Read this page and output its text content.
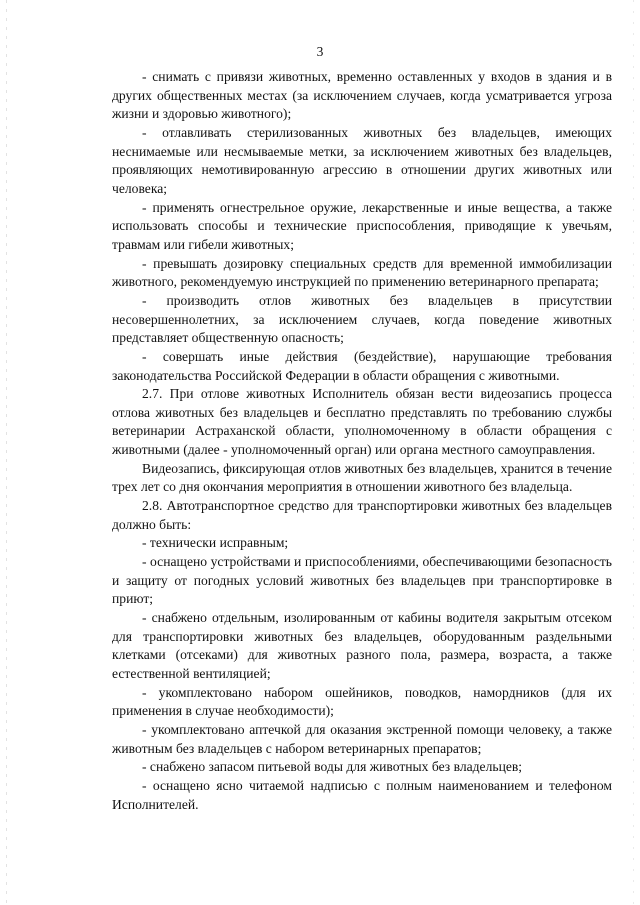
3

- снимать с привязи животных, временно оставленных у входов в здания и в других общественных местах (за исключением случаев, когда усматривается угроза жизни и здоровью животного);

- отлавливать стерилизованных животных без владельцев, имеющих неснимаемые или несмываемые метки, за исключением животных без владельцев, проявляющих немотивированную агрессию в отношении других животных или человека;

- применять огнестрельное оружие, лекарственные и иные вещества, а также использовать способы и технические приспособления, приводящие к увечьям, травмам или гибели животных;

- превышать дозировку специальных средств для временной иммобилизации животного, рекомендуемую инструкцией по применению ветеринарного препарата;

- производить отлов животных без владельцев в присутствии несовершеннолетних, за исключением случаев, когда поведение животных представляет общественную опасность;

- совершать иные действия (бездействие), нарушающие требования законодательства Российской Федерации в области обращения с животными.

2.7. При отлове животных Исполнитель обязан вести видеозапись процесса отлова животных без владельцев и бесплатно представлять по требованию службы ветеринарии Астраханской области, уполномоченному в области обращения с животными (далее - уполномоченный орган) или органа местного самоуправления.

Видеозапись, фиксирующая отлов животных без владельцев, хранится в течение трех лет со дня окончания мероприятия в отношении животного без владельца.

2.8. Автотранспортное средство для транспортировки животных без владельцев должно быть:

- технически исправным;

- оснащено устройствами и приспособлениями, обеспечивающими безопасность и защиту от погодных условий животных без владельцев при транспортировке в приют;

- снабжено отдельным, изолированным от кабины водителя закрытым отсеком для транспортировки животных без владельцев, оборудованным раздельными клетками (отсеками) для животных разного пола, размера, возраста, а также естественной вентиляцией;

- укомплектовано набором ошейников, поводков, намордников (для их применения в случае необходимости);

- укомплектовано аптечкой для оказания экстренной помощи человеку, а также животным без владельцев с набором ветеринарных препаратов;

- снабжено запасом питьевой воды для животных без владельцев;

- оснащено ясно читаемой надписью с полным наименованием и телефоном Исполнителей.
